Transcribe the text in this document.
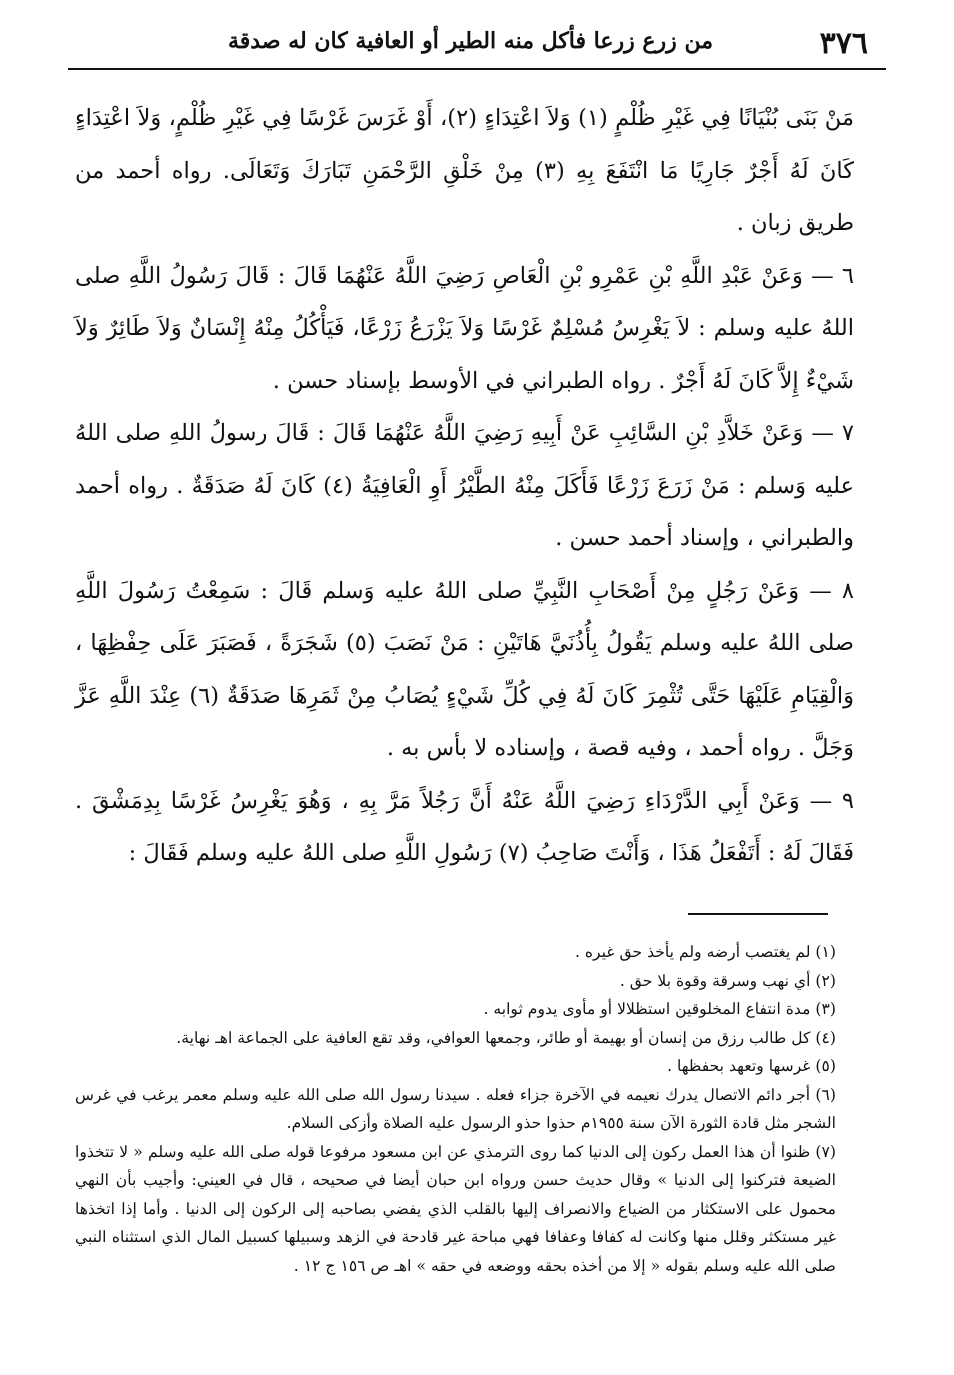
٣٧٦
من زرع زرعا فأكل منه الطير أو العافية كان له صدقة

مَنْ بَنَى بُنْيَانًا فِي غَيْرِ ظُلْمٍ (١) وَلاَ اعْتِدَاءٍ (٢)، أَوْ غَرَسَ غَرْسًا فِي غَيْرِ ظُلْمٍ، وَلاَ اعْتِدَاءٍ كَانَ لَهُ أَجْرٌ جَارِيًا مَا انْتَفَعَ بِهِ (٣) مِنْ خَلْقِ الرَّحْمَنِ تَبَارَكَ وَتَعَالَى. رواه أحمد من طريق زبان .

٦ — وَعَنْ عَبْدِ اللَّهِ بْنِ عَمْرِو بْنِ الْعَاصِ رَضِيَ اللَّهُ عَنْهُمَا قَالَ : قَالَ رَسُولُ اللَّهِ صلى اللهُ عليه وسلم : لاَ يَغْرِسُ مُسْلِمٌ غَرْسًا وَلاَ يَزْرَعُ زَرْعًا، فَيَأْكُلُ مِنْهُ إِنْسَانٌ وَلاَ طَائِرٌ وَلاَ شَيْءٌ إِلاَّ كَانَ لَهُ أَجْرٌ . رواه الطبراني في الأوسط بإسناد حسن .

٧ — وَعَنْ خَلاَّدِ بْنِ السَّائِبِ عَنْ أَبِيهِ رَضِيَ اللَّهُ عَنْهُمَا قَالَ : قَالَ رسولُ اللهِ صلى اللهُ عليه وَسلم : مَنْ زَرَعَ زَرْعًا فَأَكَلَ مِنْهُ الطَّيْرُ أَوِ الْعَافِيَةُ (٤) كَانَ لَهُ صَدَقَةٌ . رواه أحمد والطبراني ، وإسناد أحمد حسن .

٨ — وَعَنْ رَجُلٍ مِنْ أَصْحَابِ النَّبِيِّ صلى اللهُ عليه وَسلم قَالَ : سَمِعْتُ رَسُولَ اللَّهِ صلى اللهُ عليه وسلم يَقُولُ بِأُذُنَيَّ هَاتَيْنِ : مَنْ نَصَبَ (٥) شَجَرَةً ، فَصَبَرَ عَلَى حِفْظِهَا ، وَالْقِيَامِ عَلَيْهَا حَتَّى تُثْمِرَ كَانَ لَهُ فِي كُلِّ شَيْءٍ يُصَابُ مِنْ ثَمَرِهَا صَدَقَةٌ (٦) عِنْدَ اللَّهِ عَزَّ وَجَلَّ . رواه أحمد ، وفيه قصة ، وإسناده لا بأس به .

٩ — وَعَنْ أَبِي الدَّرْدَاءِ رَضِيَ اللَّهُ عَنْهُ أَنَّ رَجُلاً مَرَّ بِهِ ، وَهُوَ يَغْرِسُ غَرْسًا بِدِمَشْقَ . فَقَالَ لَهُ : أَتَفْعَلُ هَذَا ، وَأَنْتَ صَاحِبُ (٧) رَسُولِ اللَّهِ صلى اللهُ عليه وسلم فَقَالَ :

(١) لم يغتصب أرضه ولم يأخذ حق غيره .

(٢) أي نهب وسرقة وقوة بلا حق .

(٣) مدة انتفاع المخلوقين استظلالا أو مأوى يدوم ثوابه .

(٤) كل طالب رزق من إنسان أو بهيمة أو طائر، وجمعها العوافي، وقد تقع العافية على الجماعة اهـ نهاية.

(٥) غرسها وتعهد بحفظها .

(٦) أجر دائم الاتصال يدرك نعيمه في الآخرة جزاء فعله . سيدنا رسول الله صلى الله عليه وسلم معمر يرغب في غرس الشجر مثل قادة الثورة الآن سنة ١٩٥٥م حذوا حذو الرسول عليه الصلاة وأزكى السلام.

(٧) ظنوا أن هذا العمل ركون إلى الدنيا كما روى الترمذي عن ابن مسعود مرفوعا قوله صلى الله عليه وسلم « لا تتخذوا الضيعة فتركنوا إلى الدنيا » وقال حديث حسن ورواه ابن حبان أيضا في صحيحه ، قال في العيني: وأجيب بأن النهي محمول على الاستكثار من الضياع والانصراف إليها بالقلب الذي يفضي بصاحبه إلى الركون إلى الدنيا . وأما إذا اتخذها غير مستكثر وقلل منها وكانت له كفافا وعفافا فهي مباحة غير قادحة في الزهد وسبيلها كسبيل المال الذي استثناه النبي صلى الله عليه وسلم بقوله « إلا من أخذه بحقه ووضعه في حقه » اهـ ص ١٥٦ ج ١٢ .
